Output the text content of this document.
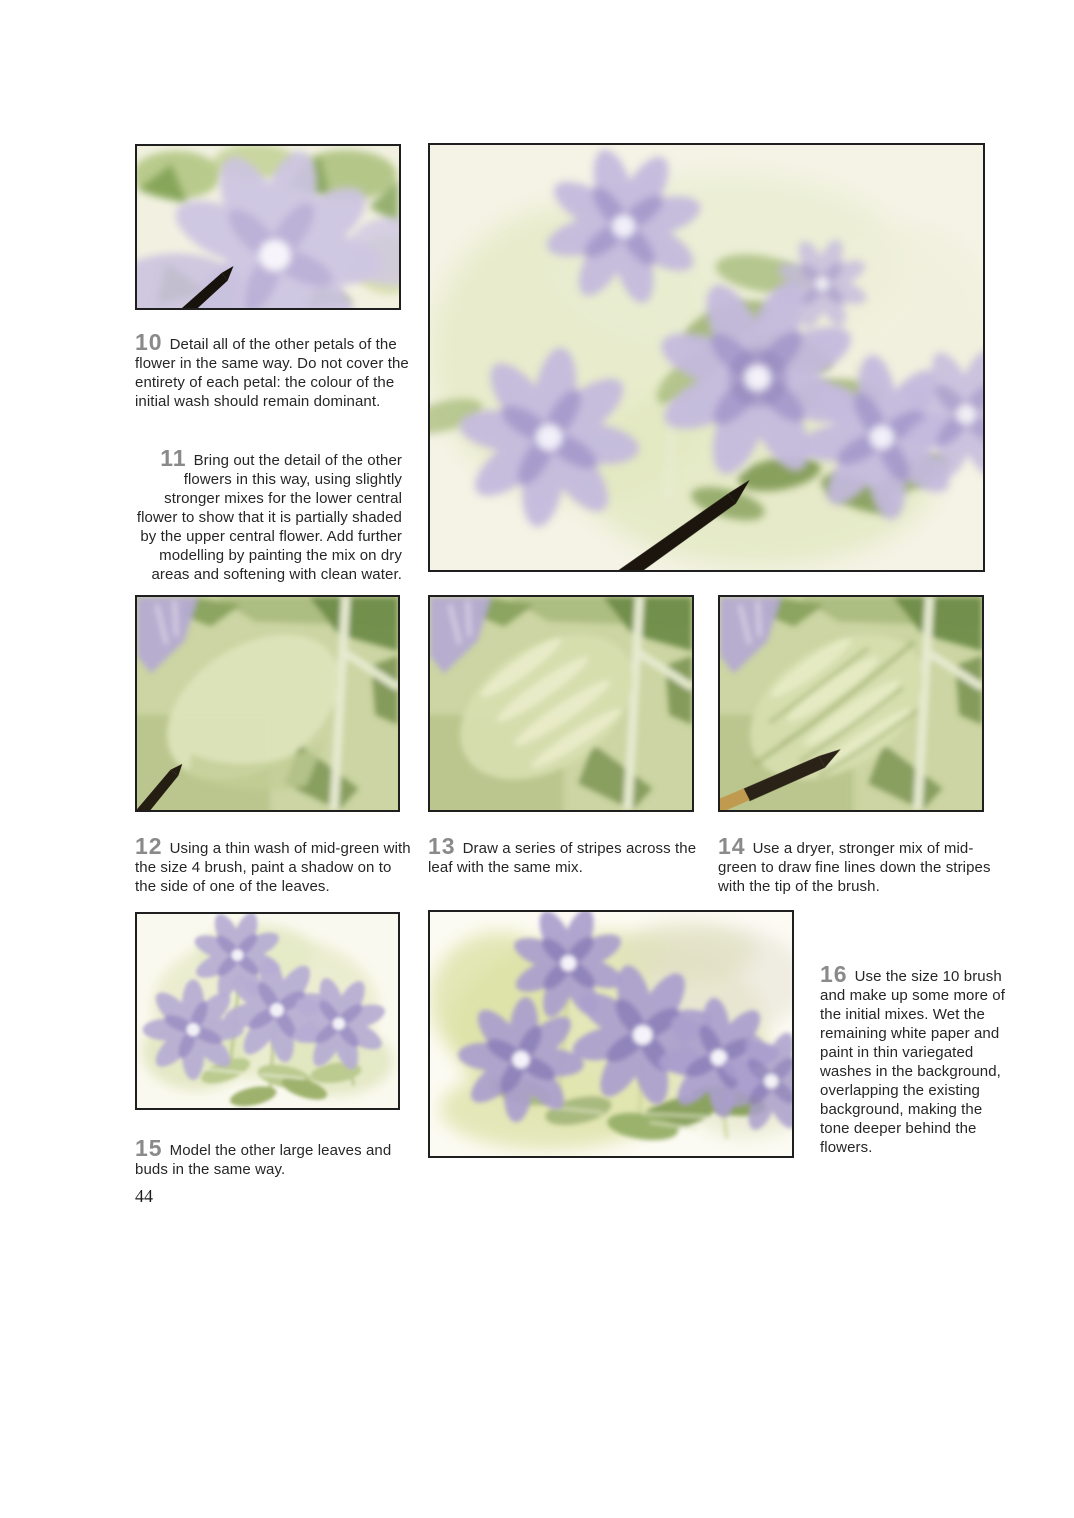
10 Detail all of the other petals of the flower in the same way. Do not cover the entirety of each petal: the colour of the initial wash should remain dominant.

11 Bring out the detail of the other flowers in this way, using slightly stronger mixes for the lower central flower to show that it is partially shaded by the upper central flower. Add further modelling by painting the mix on dry areas and softening with clean water.

12 Using a thin wash of mid-green with the size 4 brush, paint a shadow on to the side of one of the leaves.

13 Draw a series of stripes across the leaf with the same mix.

14 Use a dryer, stronger mix of mid-green to draw fine lines down the stripes with the tip of the brush.

15 Model the other large leaves and buds in the same way.

16 Use the size 10 brush and make up some more of the initial mixes. Wet the remaining white paper and paint in thin variegated washes in the background, overlapping the existing background, making the tone deeper behind the flowers.

44
